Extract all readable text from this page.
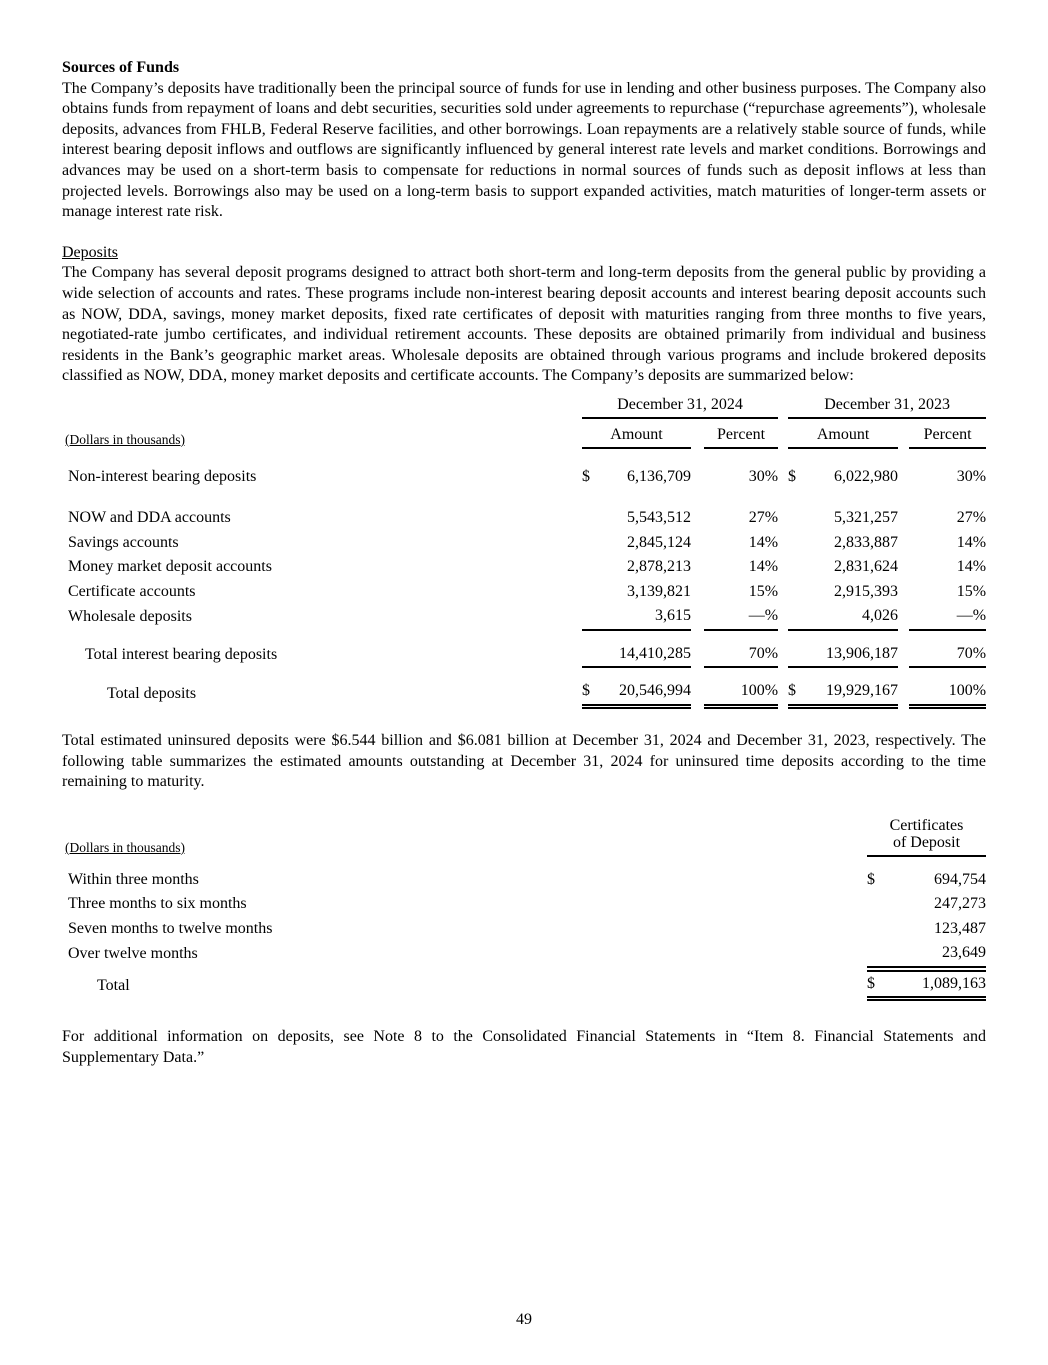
Sources of Funds

The Company’s deposits have traditionally been the principal source of funds for use in lending and other business purposes. The Company also obtains funds from repayment of loans and debt securities, securities sold under agreements to repurchase (“repurchase agreements”), wholesale deposits, advances from FHLB, Federal Reserve facilities, and other borrowings. Loan repayments are a relatively stable source of funds, while interest bearing deposit inflows and outflows are significantly influenced by general interest rate levels and market conditions. Borrowings and advances may be used on a short-term basis to compensate for reductions in normal sources of funds such as deposit inflows at less than projected levels. Borrowings also may be used on a long-term basis to support expanded activities, match maturities of longer-term assets or manage interest rate risk.

Deposits

The Company has several deposit programs designed to attract both short-term and long-term deposits from the general public by providing a wide selection of accounts and rates. These programs include non-interest bearing deposit accounts and interest bearing deposit accounts such as NOW, DDA, savings, money market deposits, fixed rate certificates of deposit with maturities ranging from three months to five years, negotiated-rate jumbo certificates, and individual retirement accounts. These deposits are obtained primarily from individual and business residents in the Bank’s geographic market areas. Wholesale deposits are obtained through various programs and include brokered deposits classified as NOW, DDA, money market deposits and certificate accounts. The Company’s deposits are summarized below:

	December 31, 2024					December 31, 2023			
(Dollars in thousands)	Amount			Percent		Amount			Percent

Non-interest bearing deposits	$	6,136,709		30%		$	6,022,980		30%

NOW and DDA accounts		5,543,512		27%			5,321,257		27%
Savings accounts		2,845,124		14%			2,833,887		14%
Money market deposit accounts		2,878,213		14%			2,831,624		14%
Certificate accounts		3,139,821		15%			2,915,393		15%
Wholesale deposits		3,615		—%			4,026		—%

Total interest bearing deposits		14,410,285		70%			13,906,187		70%

Total deposits	$	20,546,994		100%		$	19,929,167		100%

Total estimated uninsured deposits were $6.544 billion and $6.081 billion at December 31, 2024 and December 31, 2023, respectively. The following table summarizes the estimated amounts outstanding at December 31, 2024 for uninsured time deposits according to the time remaining to maturity.

(Dollars in thousands)	Certificates
of Deposit	

Within three months	$	694,754
Three months to six months		247,273
Seven months to twelve months		123,487
Over twelve months		23,649

Total	$	1,089,163

For additional information on deposits, see Note 8 to the Consolidated Financial Statements in “Item 8. Financial Statements and Supplementary Data.”

49
